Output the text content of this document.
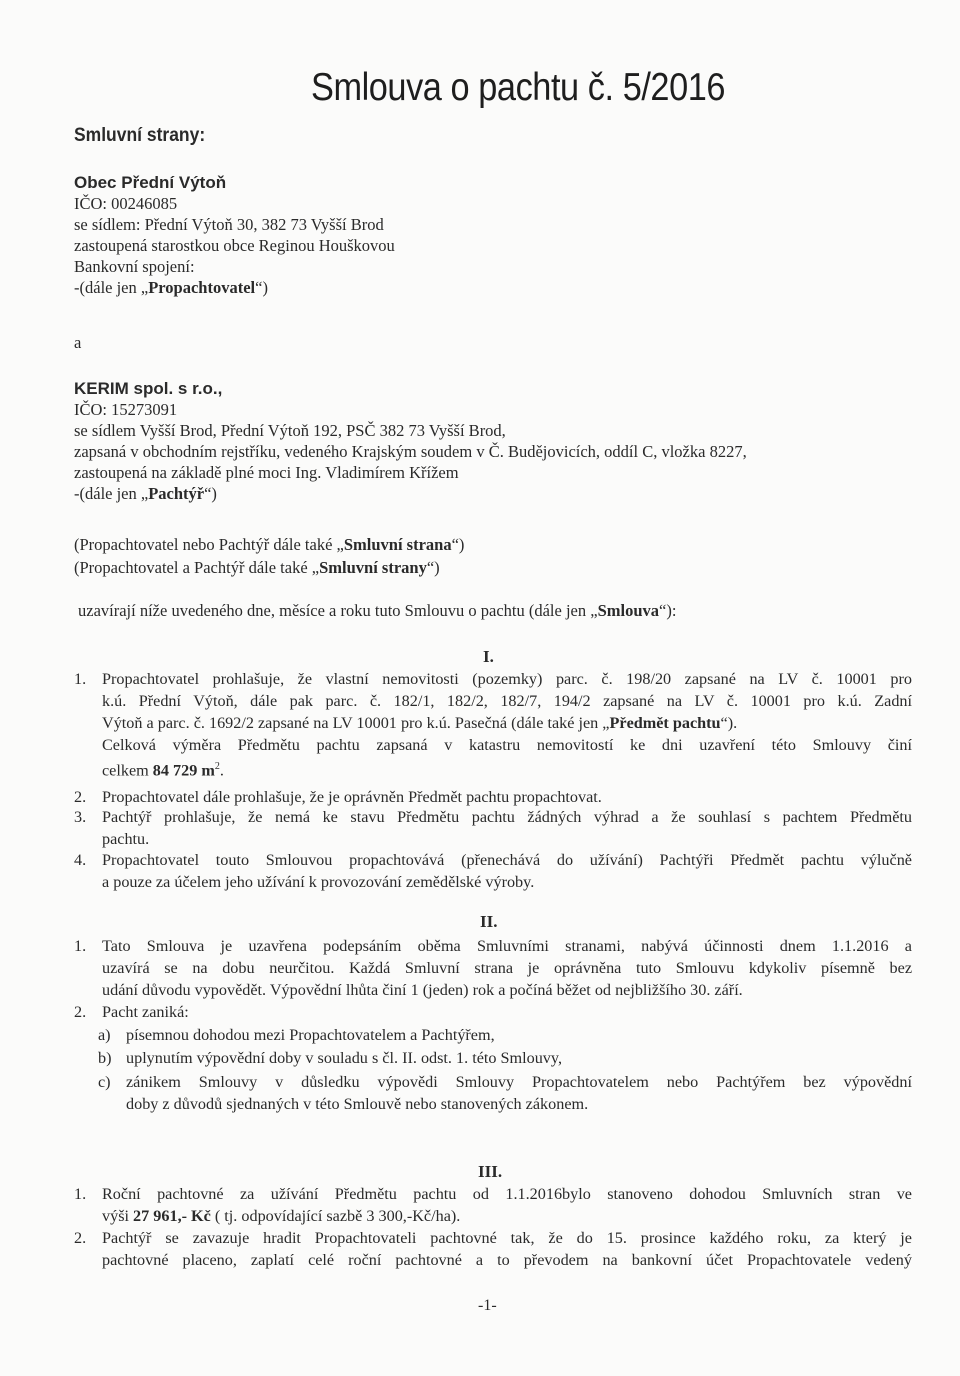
Smlouva o pachtu č. 5/2016
Smluvní strany:
Obec Přední Výtoň
IČO: 00246085
se sídlem: Přední Výtoň 30, 382 73 Vyšší Brod
zastoupená starostkou obce Reginou Houškovou
Bankovní spojení:
-(dále jen „Propachtovatel“)
a
KERIM spol. s r.o.,
IČO: 15273091
se sídlem Vyšší Brod, Přední Výtoň 192, PSČ 382 73 Vyšší Brod,
zapsaná v obchodním rejstříku, vedeného Krajským soudem v Č. Budějovicích, oddíl C, vložka 8227,
zastoupená na základě plné moci Ing. Vladimírem Křížem
-(dále jen „Pachtýř“)
(Propachtovatel nebo Pachtýř dále také „Smluvní strana“)
(Propachtovatel a Pachtýř dále také „Smluvní strany“)
uzavírají níže uvedeného dne, měsíce a roku tuto Smlouvu o pachtu (dále jen „Smlouva“):
I.
1. Propachtovatel prohlašuje, že vlastní nemovitosti (pozemky) parc. č. 198/20 zapsané na LV č. 10001 pro
k.ú. Přední Výtoň, dále pak parc. č. 182/1, 182/2, 182/7, 194/2 zapsané na LV č. 10001 pro k.ú. Zadní
Výtoň a parc. č. 1692/2 zapsané na LV 10001 pro k.ú. Pasečná (dále také jen „Předmět pachtu“).
Celková výměra Předmětu pachtu zapsaná v katastru nemovitostí ke dni uzavření této Smlouvy činí
celkem 84 729 $m^2$.
2. Propachtovatel dále prohlašuje, že je oprávněn Předmět pachtu propachtovat.
3. Pachtýř prohlašuje, že nemá ke stavu Předmětu pachtu žádných výhrad a že souhlasí s pachtem Předmětu
pachtu.
4. Propachtovatel touto Smlouvou propachtovává (přenechává do užívání) Pachtýři Předmět pachtu výlučně
a pouze za účelem jeho užívání k provozování zemědělské výroby.
II.
1. Tato Smlouva je uzavřena podepsáním oběma Smluvními stranami, nabývá účinnosti dnem 1.1.2016 a
uzavírá se na dobu neurčitou. Každá Smluvní strana je oprávněna tuto Smlouvu kdykoliv písemně bez
udání důvodu vypovědět. Výpovědní lhůta činí 1 (jeden) rok a počíná běžet od nejbližšího 30. září.
2. Pacht zaniká:
a) písemnou dohodou mezi Propachtovatelem a Pachtýřem,
b) uplynutím výpovědní doby v souladu s čl. II. odst. 1. této Smlouvy,
c) zánikem Smlouvy v důsledku výpovědi Smlouvy Propachtovatelem nebo Pachtýřem bez výpovědní
doby z důvodů sjednaných v této Smlouvě nebo stanovených zákonem.
III.
1. Roční pachtovné za užívání Předmětu pachtu od 1.1.2016bylo stanoveno dohodou Smluvních stran ve
výši 27 961,- Kč ( tj. odpovídající sazbě 3 300,-Kč/ha).
2. Pachtýř se zavazuje hradit Propachtovateli pachtovné tak, že do 15. prosince každého roku, za který je
pachtovné placeno, zaplatí celé roční pachtovné a to převodem na bankovní účet Propachtovatele vedený
-1-
